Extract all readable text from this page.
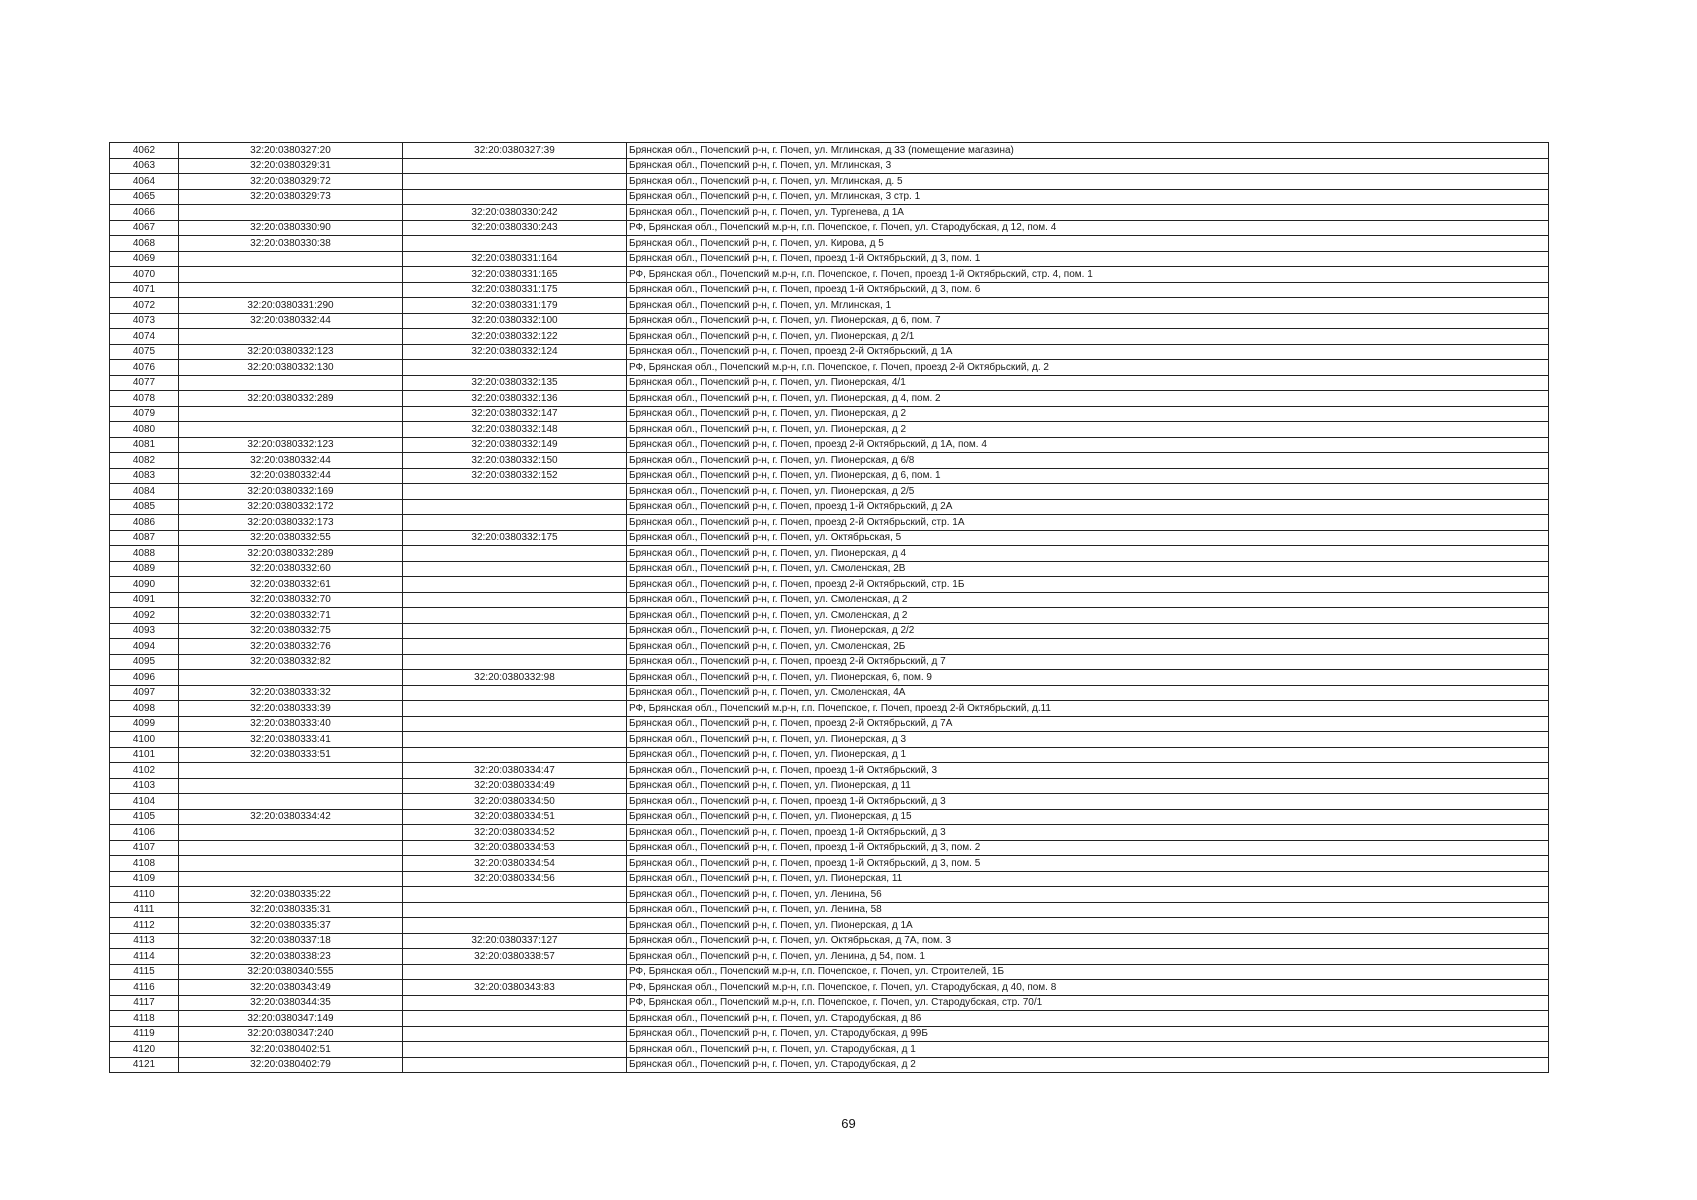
4062	32:20:0380327:20	32:20:0380327:39	Брянская обл., Почепский р-н, г. Почеп, ул. Мглинская, д 33 (помещение магазина)
4063	32:20:0380329:31		Брянская обл., Почепский р-н, г. Почеп, ул. Мглинская, 3
4064	32:20:0380329:72		Брянская обл., Почепский р-н, г. Почеп, ул. Мглинская, д. 5
4065	32:20:0380329:73		Брянская обл., Почепский р-н, г. Почеп, ул. Мглинская, 3 стр. 1
4066		32:20:0380330:242	Брянская обл., Почепский р-н, г. Почеп, ул. Тургенева, д 1А
4067	32:20:0380330:90	32:20:0380330:243	РФ, Брянская обл., Почепский м.р-н, г.п. Почепское, г. Почеп, ул. Стародубская, д 12, пом. 4
4068	32:20:0380330:38		Брянская обл., Почепский р-н, г. Почеп, ул. Кирова, д 5
4069		32:20:0380331:164	Брянская обл., Почепский р-н, г. Почеп, проезд 1-й Октябрьский, д 3, пом. 1
4070		32:20:0380331:165	РФ, Брянская обл., Почепский м.р-н, г.п. Почепское, г. Почеп, проезд 1-й Октябрьский, стр. 4, пом. 1
4071		32:20:0380331:175	Брянская обл., Почепский р-н, г. Почеп, проезд 1-й Октябрьский, д 3, пом. 6
4072	32:20:0380331:290	32:20:0380331:179	Брянская обл., Почепский р-н, г. Почеп, ул. Мглинская, 1
4073	32:20:0380332:44	32:20:0380332:100	Брянская обл., Почепский р-н, г. Почеп, ул. Пионерская, д 6, пом. 7
4074		32:20:0380332:122	Брянская обл., Почепский р-н, г. Почеп, ул. Пионерская, д 2/1
4075	32:20:0380332:123	32:20:0380332:124	Брянская обл., Почепский р-н, г. Почеп, проезд 2-й Октябрьский, д 1А
4076	32:20:0380332:130		РФ, Брянская обл., Почепский м.р-н, г.п. Почепское, г. Почеп, проезд 2-й Октябрьский, д. 2
4077		32:20:0380332:135	Брянская обл., Почепский р-н, г. Почеп, ул. Пионерская, 4/1
4078	32:20:0380332:289	32:20:0380332:136	Брянская обл., Почепский р-н, г. Почеп, ул. Пионерская, д 4, пом. 2
4079		32:20:0380332:147	Брянская обл., Почепский р-н, г. Почеп, ул. Пионерская, д 2
4080		32:20:0380332:148	Брянская обл., Почепский р-н, г. Почеп, ул. Пионерская, д 2
4081	32:20:0380332:123	32:20:0380332:149	Брянская обл., Почепский р-н, г. Почеп, проезд 2-й Октябрьский, д 1А, пом. 4
4082	32:20:0380332:44	32:20:0380332:150	Брянская обл., Почепский р-н, г. Почеп, ул. Пионерская, д 6/8
4083	32:20:0380332:44	32:20:0380332:152	Брянская обл., Почепский р-н, г. Почеп, ул. Пионерская, д 6, пом. 1
4084	32:20:0380332:169		Брянская обл., Почепский р-н, г. Почеп, ул. Пионерская, д 2/5
4085	32:20:0380332:172		Брянская обл., Почепский р-н, г. Почеп, проезд 1-й Октябрьский, д 2А
4086	32:20:0380332:173		Брянская обл., Почепский р-н, г. Почеп, проезд 2-й Октябрьский, стр. 1А
4087	32:20:0380332:55	32:20:0380332:175	Брянская обл., Почепский р-н, г. Почеп, ул. Октябрьская, 5
4088	32:20:0380332:289		Брянская обл., Почепский р-н, г. Почеп, ул. Пионерская, д 4
4089	32:20:0380332:60		Брянская обл., Почепский р-н, г. Почеп, ул. Смоленская, 2В
4090	32:20:0380332:61		Брянская обл., Почепский р-н, г. Почеп, проезд 2-й Октябрьский, стр. 1Б
4091	32:20:0380332:70		Брянская обл., Почепский р-н, г. Почеп, ул. Смоленская, д 2
4092	32:20:0380332:71		Брянская обл., Почепский р-н, г. Почеп, ул. Смоленская, д 2
4093	32:20:0380332:75		Брянская обл., Почепский р-н, г. Почеп, ул. Пионерская, д 2/2
4094	32:20:0380332:76		Брянская обл., Почепский р-н, г. Почеп, ул. Смоленская, 2Б
4095	32:20:0380332:82		Брянская обл., Почепский р-н, г. Почеп, проезд 2-й Октябрьский, д 7
4096		32:20:0380332:98	Брянская обл., Почепский р-н, г. Почеп, ул. Пионерская, 6, пом. 9
4097	32:20:0380333:32		Брянская обл., Почепский р-н, г. Почеп, ул. Смоленская, 4А
4098	32:20:0380333:39		РФ, Брянская обл., Почепский м.р-н, г.п. Почепское, г. Почеп, проезд 2-й Октябрьский, д.11
4099	32:20:0380333:40		Брянская обл., Почепский р-н, г. Почеп, проезд 2-й Октябрьский, д 7А
4100	32:20:0380333:41		Брянская обл., Почепский р-н, г. Почеп, ул. Пионерская, д 3
4101	32:20:0380333:51		Брянская обл., Почепский р-н, г. Почеп, ул. Пионерская, д 1
4102		32:20:0380334:47	Брянская обл., Почепский р-н, г. Почеп, проезд 1-й Октябрьский, 3
4103		32:20:0380334:49	Брянская обл., Почепский р-н, г. Почеп, ул. Пионерская, д 11
4104		32:20:0380334:50	Брянская обл., Почепский р-н, г. Почеп, проезд 1-й Октябрьский, д 3
4105	32:20:0380334:42	32:20:0380334:51	Брянская обл., Почепский р-н, г. Почеп, ул. Пионерская, д 15
4106		32:20:0380334:52	Брянская обл., Почепский р-н, г. Почеп, проезд 1-й Октябрьский, д 3
4107		32:20:0380334:53	Брянская обл., Почепский р-н, г. Почеп, проезд 1-й Октябрьский, д 3, пом. 2
4108		32:20:0380334:54	Брянская обл., Почепский р-н, г. Почеп, проезд 1-й Октябрьский, д 3, пом. 5
4109		32:20:0380334:56	Брянская обл., Почепский р-н, г. Почеп, ул. Пионерская, 11
4110	32:20:0380335:22		Брянская обл., Почепский р-н, г. Почеп, ул. Ленина, 56
4111	32:20:0380335:31		Брянская обл., Почепский р-н, г. Почеп, ул. Ленина, 58
4112	32:20:0380335:37		Брянская обл., Почепский р-н, г. Почеп, ул. Пионерская, д 1А
4113	32:20:0380337:18	32:20:0380337:127	Брянская обл., Почепский р-н, г. Почеп, ул. Октябрьская, д 7А, пом. 3
4114	32:20:0380338:23	32:20:0380338:57	Брянская обл., Почепский р-н, г. Почеп, ул. Ленина, д 54, пом. 1
4115	32:20:0380340:555		РФ, Брянская обл., Почепский м.р-н, г.п. Почепское, г. Почеп, ул. Строителей, 1Б
4116	32:20:0380343:49	32:20:0380343:83	РФ, Брянская обл., Почепский м.р-н, г.п. Почепское, г. Почеп, ул. Стародубская, д 40, пом. 8
4117	32:20:0380344:35		РФ, Брянская обл., Почепский м.р-н, г.п. Почепское, г. Почеп, ул. Стародубская, стр. 70/1
4118	32:20:0380347:149		Брянская обл., Почепский р-н, г. Почеп, ул. Стародубская, д 86
4119	32:20:0380347:240		Брянская обл., Почепский р-н, г. Почеп, ул. Стародубская, д 99Б
4120	32:20:0380402:51		Брянская обл., Почепский р-н, г. Почеп, ул. Стародубская, д 1
4121	32:20:0380402:79		Брянская обл., Почепский р-н, г. Почеп, ул. Стародубская, д 2
69
